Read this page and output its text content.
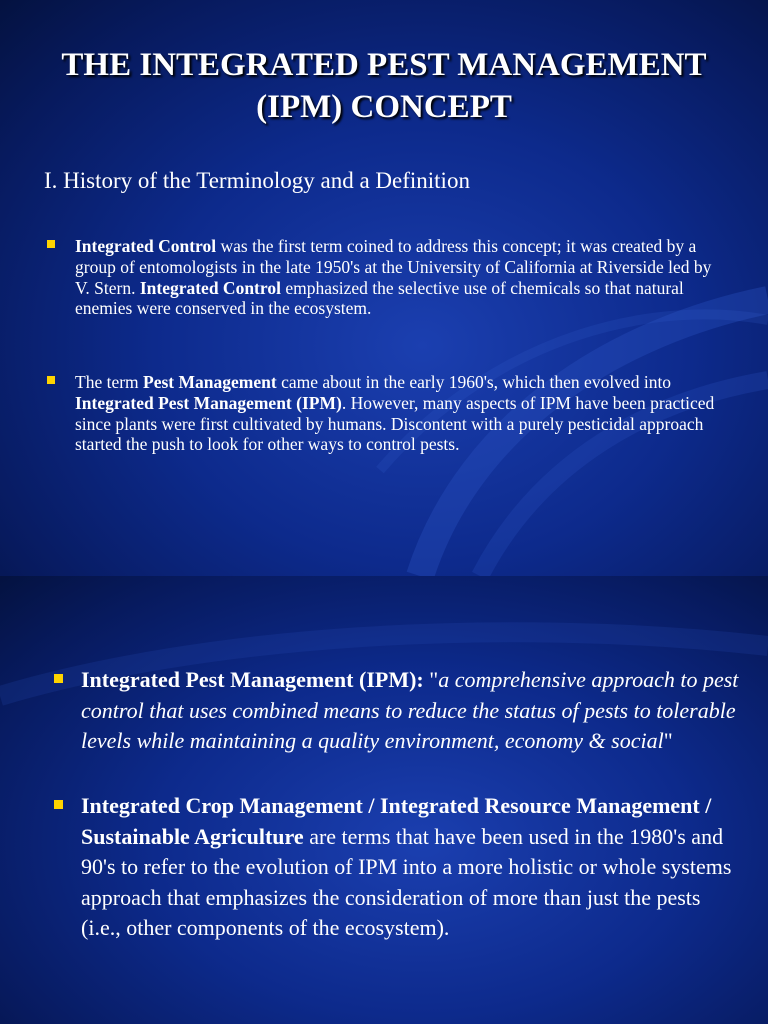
THE INTEGRATED PEST MANAGEMENT
(IPM) CONCEPT

I. History of the Terminology and a Definition

Integrated Control was the first term coined to address this concept; it was created by a group of entomologists in the late 1950's at the University of California at Riverside led by V. Stern. Integrated Control emphasized the selective use of chemicals so that natural enemies were conserved in the ecosystem.

The term Pest Management came about in the early 1960's, which then evolved into Integrated Pest Management (IPM). However, many aspects of IPM have been practiced since plants were first cultivated by humans. Discontent with a purely pesticidal approach started the push to look for other ways to control pests.

Integrated Pest Management (IPM): "a comprehensive approach to pest control that uses combined means to reduce the status of pests to tolerable levels while maintaining a quality environment, economy & social"

Integrated Crop Management / Integrated Resource Management / Sustainable Agriculture are terms that have been used in the 1980's and 90's to refer to the evolution of IPM into a more holistic or whole systems approach that emphasizes the consideration of more than just the pests (i.e., other components of the ecosystem).
